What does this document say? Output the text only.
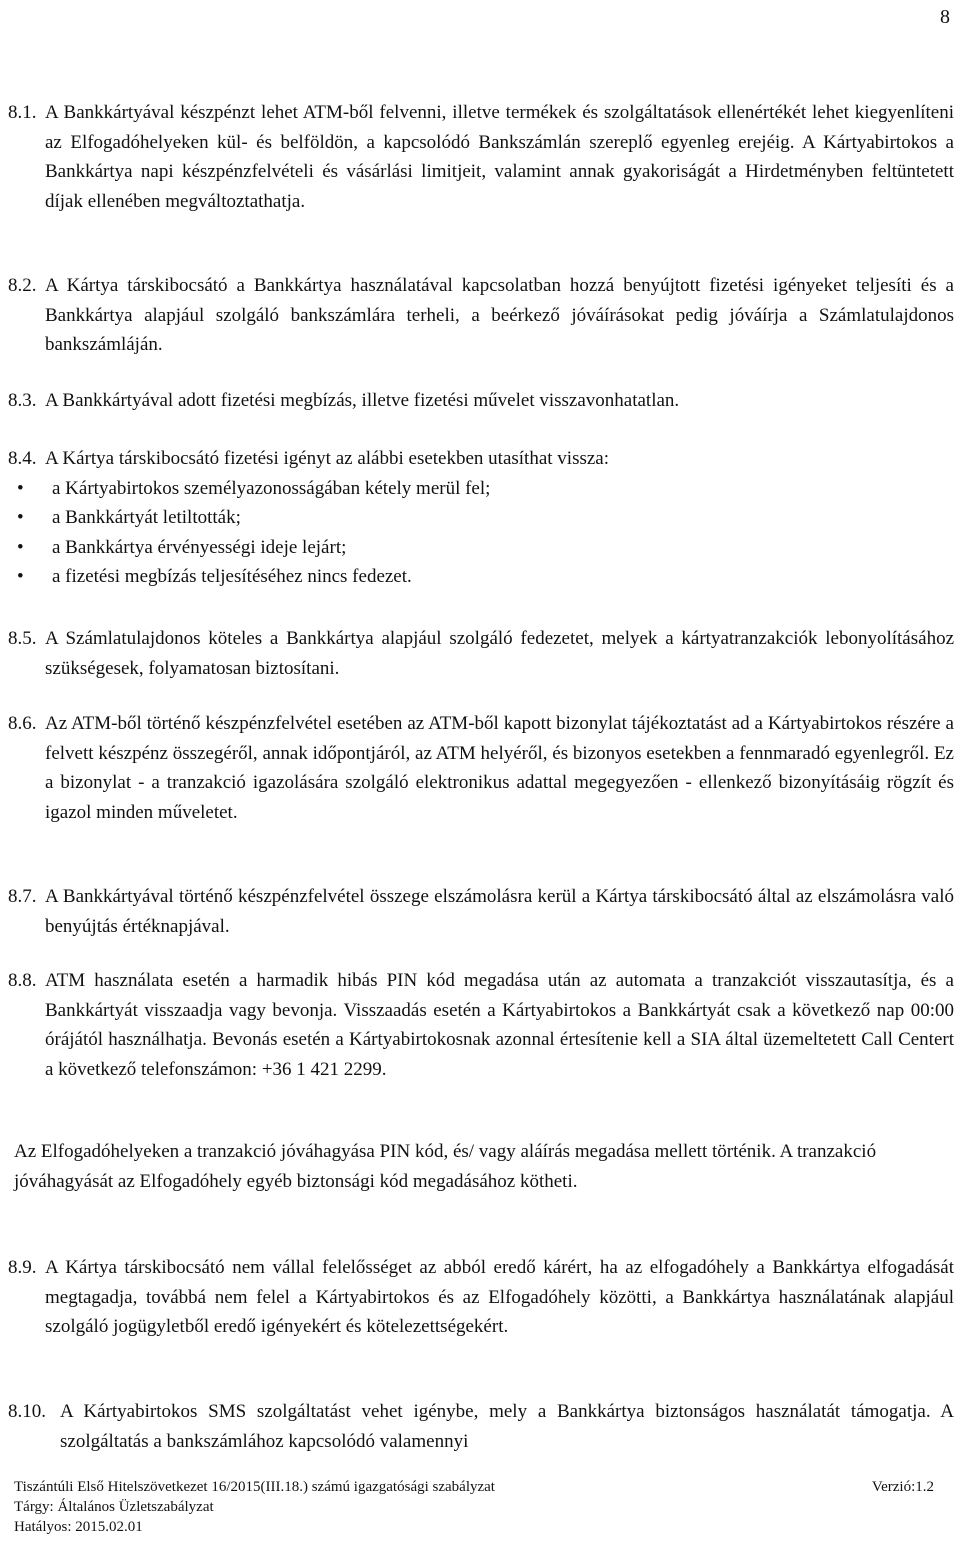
8
8.1. A Bankkártyával készpénzt lehet ATM-ből felvenni, illetve termékek és szolgáltatások ellenértékét lehet kiegyenlíteni az Elfogadóhelyeken kül- és belföldön, a kapcsolódó Bankszámlán szereplő egyenleg erejéig. A Kártyabirtokos a Bankkártya napi készpénzfelvételi és vásárlási limitjeit, valamint annak gyakoriságát a Hirdetményben feltüntetett díjak ellenében megváltoztathatja.
8.2. A Kártya társkibocsátó a Bankkártya használatával kapcsolatban hozzá benyújtott fizetési igényeket teljesíti és a Bankkártya alapjául szolgáló bankszámlára terheli, a beérkező jóváírásokat pedig jóváírja a Számlatulajdonos bankszámláján.
8.3. A Bankkártyával adott fizetési megbízás, illetve fizetési művelet visszavonhatatlan.
8.4. A Kártya társkibocsátó fizetési igényt az alábbi esetekben utasíthat vissza:
• a Kártyabirtokos személyazonosságában kétely merül fel;
• a Bankkártyát letiltották;
• a Bankkártya érvényességi ideje lejárt;
• a fizetési megbízás teljesítéséhez nincs fedezet.
8.5. A Számlatulajdonos köteles a Bankkártya alapjául szolgáló fedezetet, melyek a kártyatranzakciók lebonyolításához szükségesek, folyamatosan biztosítani.
8.6. Az ATM-ből történő készpénzfelvétel esetében az ATM-ből kapott bizonylat tájékoztatást ad a Kártyabirtokos részére a felvett készpénz összegéről, annak időpontjáról, az ATM helyéről, és bizonyos esetekben a fennmaradó egyenlegről. Ez a bizonylat - a tranzakció igazolására szolgáló elektronikus adattal megegyezően - ellenkező bizonyításáig rögzít és igazol minden műveletet.
8.7. A Bankkártyával történő készpénzfelvétel összege elszámolásra kerül a Kártya társkibocsátó által az elszámolásra való benyújtás értéknapjával.
8.8. ATM használata esetén a harmadik hibás PIN kód megadása után az automata a tranzakciót visszautasítja, és a Bankkártyát visszaadja vagy bevonja. Visszaadás esetén a Kártyabirtokos a Bankkártyát csak a következő nap 00:00 órájától használhatja. Bevonás esetén a Kártyabirtokosnak azonnal értesítenie kell a SIA által üzemeltetett Call Centert a következő telefonszámon: +36 1 421 2299.
Az Elfogadóhelyeken a tranzakció jóváhagyása PIN kód, és/ vagy aláírás megadása mellett történik. A tranzakció jóváhagyását az Elfogadóhely egyéb biztonsági kód megadásához kötheti.
8.9. A Kártya társkibocsátó nem vállal felelősséget az abból eredő kárért, ha az elfogadóhely a Bankkártya elfogadását megtagadja, továbbá nem felel a Kártyabirtokos és az Elfogadóhely közötti, a Bankkártya használatának alapjául szolgáló jogügyletből eredő igényekért és kötelezettségekért.
8.10. A Kártyabirtokos SMS szolgáltatást vehet igénybe, mely a Bankkártya biztonságos használatát támogatja. A szolgáltatás a bankszámlához kapcsolódó valamennyi
Tiszántúli Első Hitelszövetkezet 16/2015(III.18.) számú igazgatósági szabályzat	Verzió:1.2
Tárgy: Általános Üzletszabályzat
Hatályos: 2015.02.01
